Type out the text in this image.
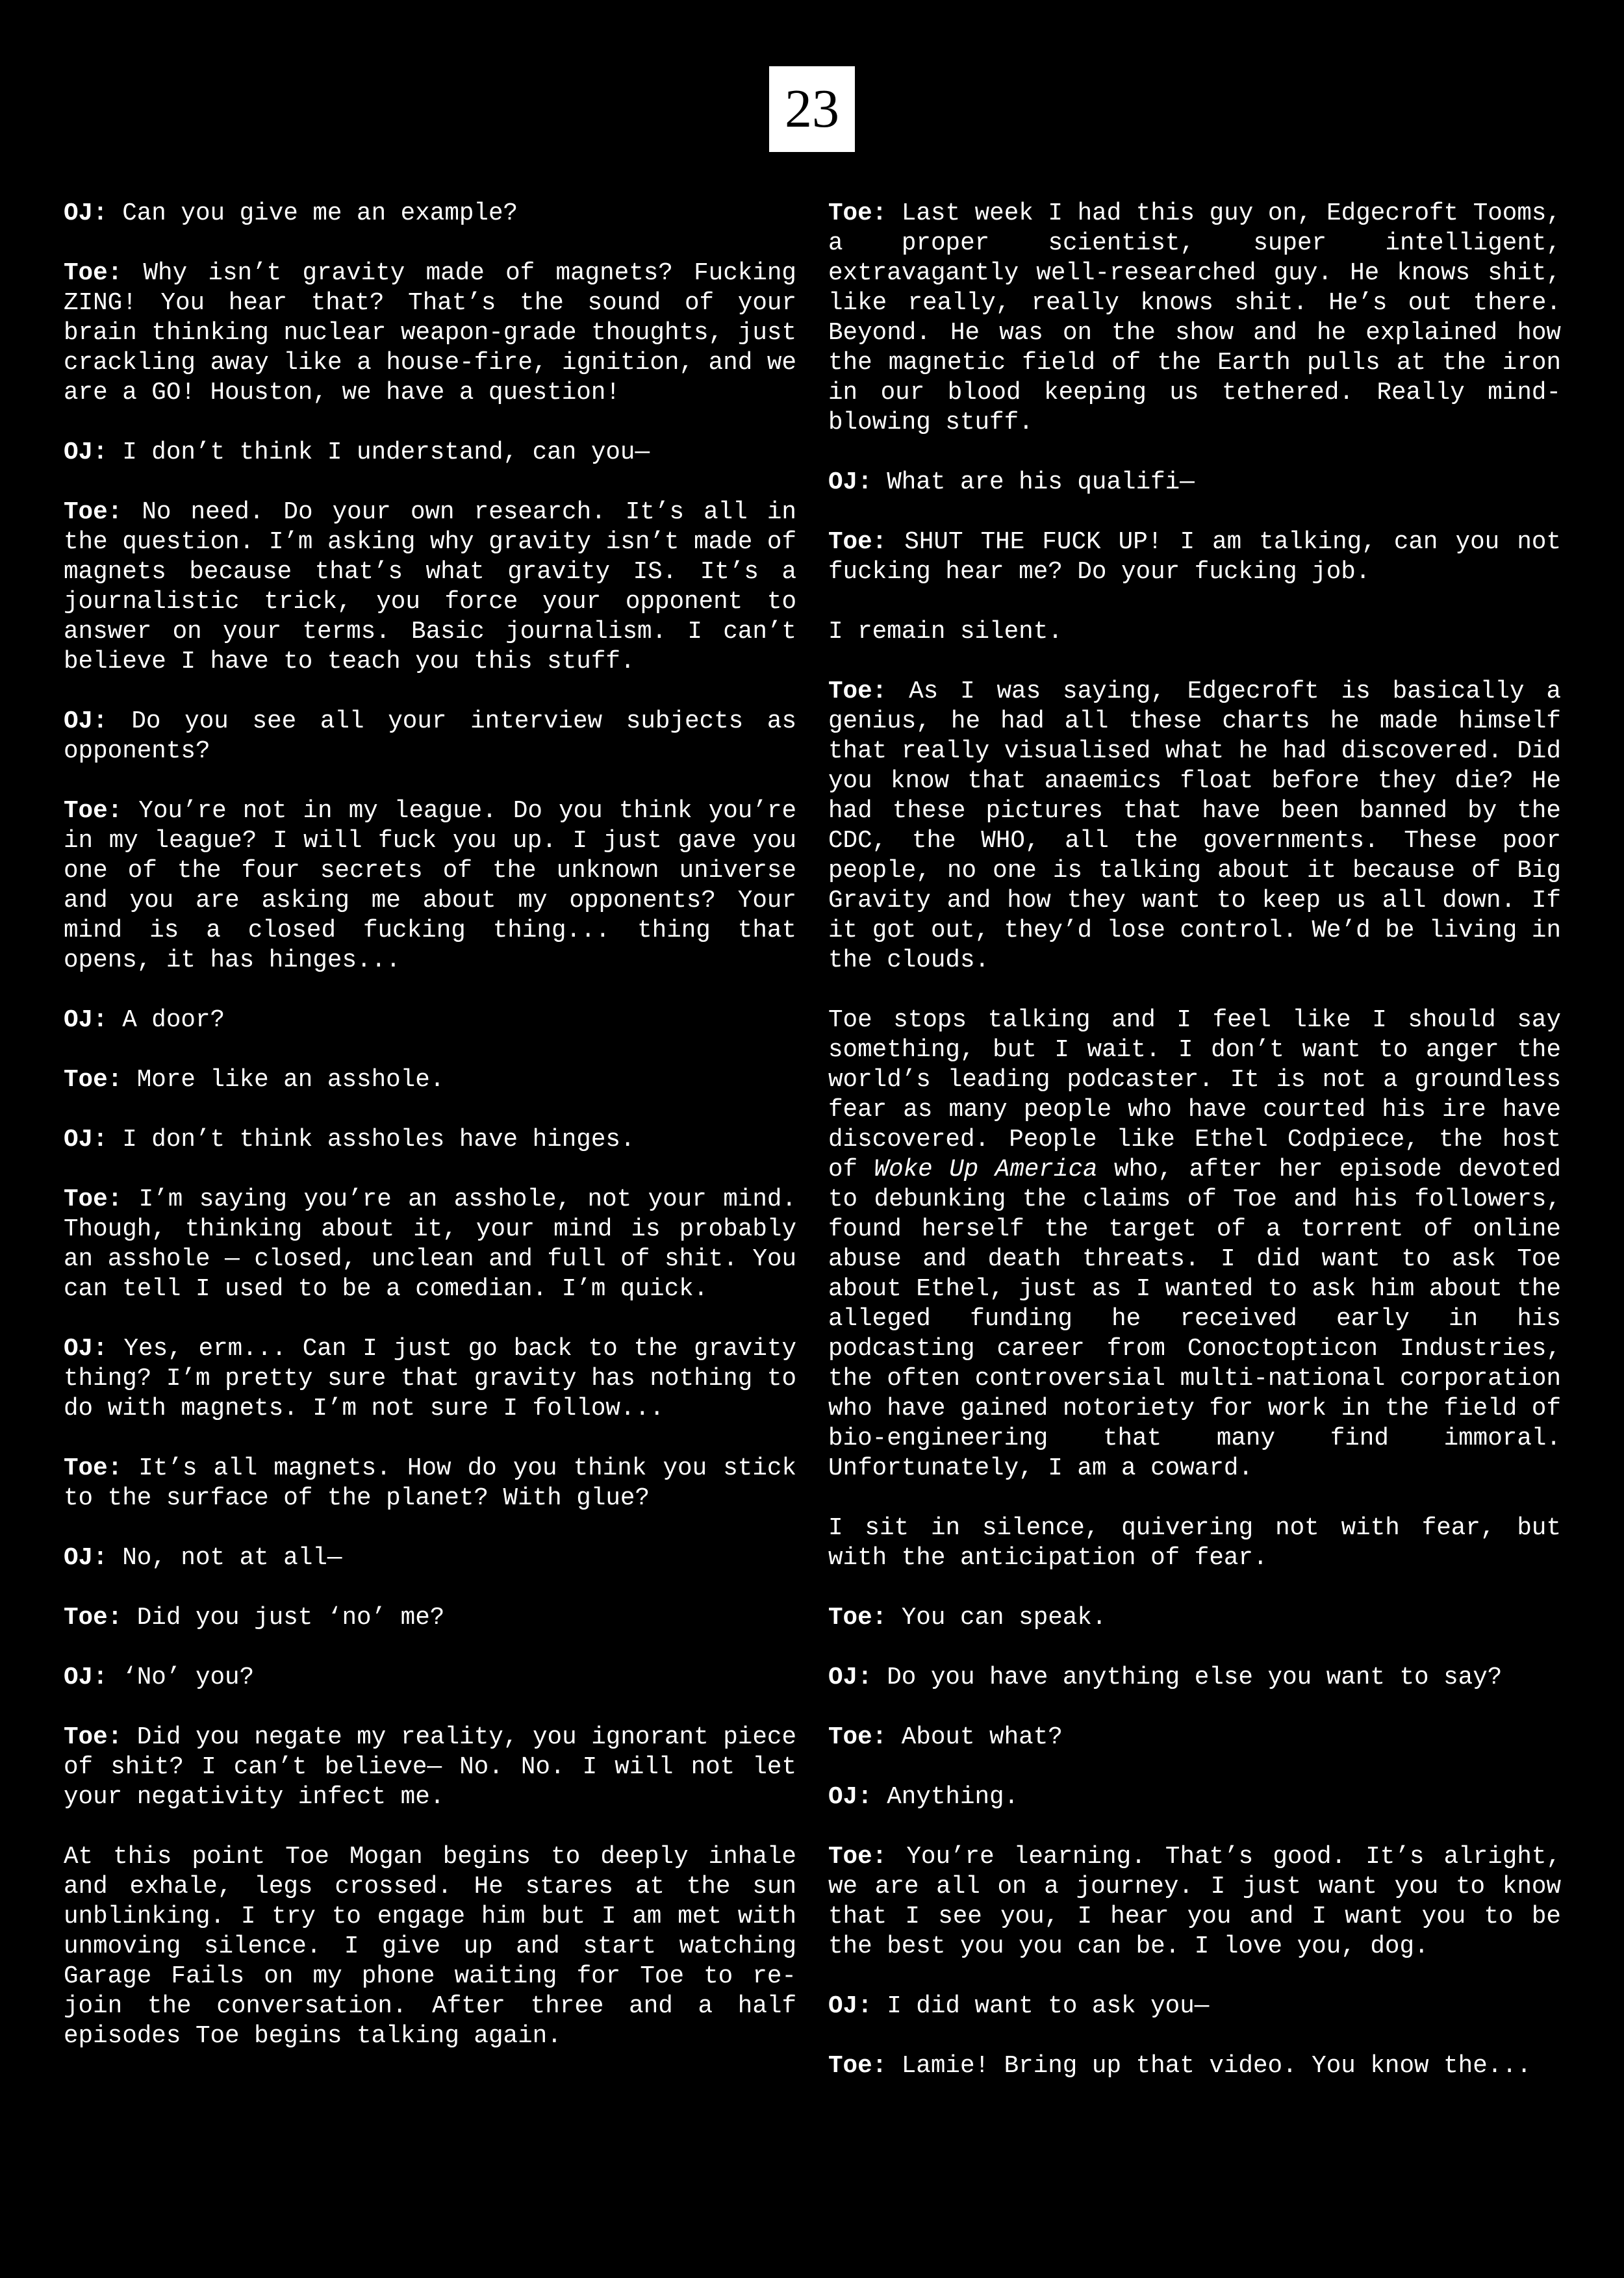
23

OJ: Can you give me an example?

Toe: Why isn’t gravity made of magnets? Fucking ZING! You hear that? That’s the sound of your brain thinking nuclear weapon-grade thoughts, just crackling away like a house-fire, ignition, and we are a GO! Houston, we have a question!

OJ: I don’t think I understand, can you—

Toe: No need. Do your own research. It’s all in the question. I’m asking why gravity isn’t made of magnets because that’s what gravity IS. It’s a journalistic trick, you force your opponent to answer on your terms. Basic journalism. I can’t believe I have to teach you this stuff.

OJ: Do you see all your interview subjects as opponents?

Toe: You’re not in my league. Do you think you’re in my league? I will fuck you up. I just gave you one of the four secrets of the unknown universe and you are asking me about my opponents? Your mind is a closed fucking thing... thing that opens, it has hinges...

OJ: A door?

Toe: More like an asshole.

OJ: I don’t think assholes have hinges.

Toe: I’m saying you’re an asshole, not your mind. Though, thinking about it, your mind is probably an asshole — closed, unclean and full of shit. You can tell I used to be a comedian. I’m quick.

OJ: Yes, erm... Can I just go back to the gravity thing? I’m pretty sure that gravity has nothing to do with magnets. I’m not sure I follow...

Toe: It’s all magnets. How do you think you stick to the surface of the planet? With glue?

OJ: No, not at all—

Toe: Did you just ‘no’ me?

OJ: ‘No’ you?

Toe: Did you negate my reality, you ignorant piece of shit? I can’t believe— No. No. I will not let your negativity infect me.

At this point Toe Mogan begins to deeply inhale and exhale, legs crossed. He stares at the sun unblinking. I try to engage him but I am met with unmoving silence. I give up and start watching Garage Fails on my phone waiting for Toe to re-join the conversation. After three and a half episodes Toe begins talking again.

Toe: Last week I had this guy on, Edgecroft Tooms, a proper scientist, super intelligent, extravagantly well-researched guy. He knows shit, like really, really knows shit. He’s out there. Beyond. He was on the show and he explained how the magnetic field of the Earth pulls at the iron in our blood keeping us tethered. Really mind-blowing stuff.

OJ: What are his qualifi—

Toe: SHUT THE FUCK UP! I am talking, can you not fucking hear me? Do your fucking job.

I remain silent.

Toe: As I was saying, Edgecroft is basically a genius, he had all these charts he made himself that really visualised what he had discovered. Did you know that anaemics float before they die? He had these pictures that have been banned by the CDC, the WHO, all the governments. These poor people, no one is talking about it because of Big Gravity and how they want to keep us all down. If it got out, they’d lose control. We’d be living in the clouds.

Toe stops talking and I feel like I should say something, but I wait. I don’t want to anger the world’s leading podcaster. It is not a groundless fear as many people who have courted his ire have discovered. People like Ethel Codpiece, the host of Woke Up America who, after her episode devoted to debunking the claims of Toe and his followers, found herself the target of a torrent of online abuse and death threats. I did want to ask Toe about Ethel, just as I wanted to ask him about the alleged funding he received early in his podcasting career from Conoctopticon Industries, the often controversial multi-national corporation who have gained notoriety for work in the field of bio-engineering that many find immoral. Unfortunately, I am a coward.

I sit in silence, quivering not with fear, but with the anticipation of fear.

Toe: You can speak.

OJ: Do you have anything else you want to say?

Toe: About what?

OJ: Anything.

Toe: You’re learning. That’s good. It’s alright, we are all on a journey. I just want you to know that I see you, I hear you and I want you to be the best you you can be. I love you, dog.

OJ: I did want to ask you—

Toe: Lamie! Bring up that video. You know the...
